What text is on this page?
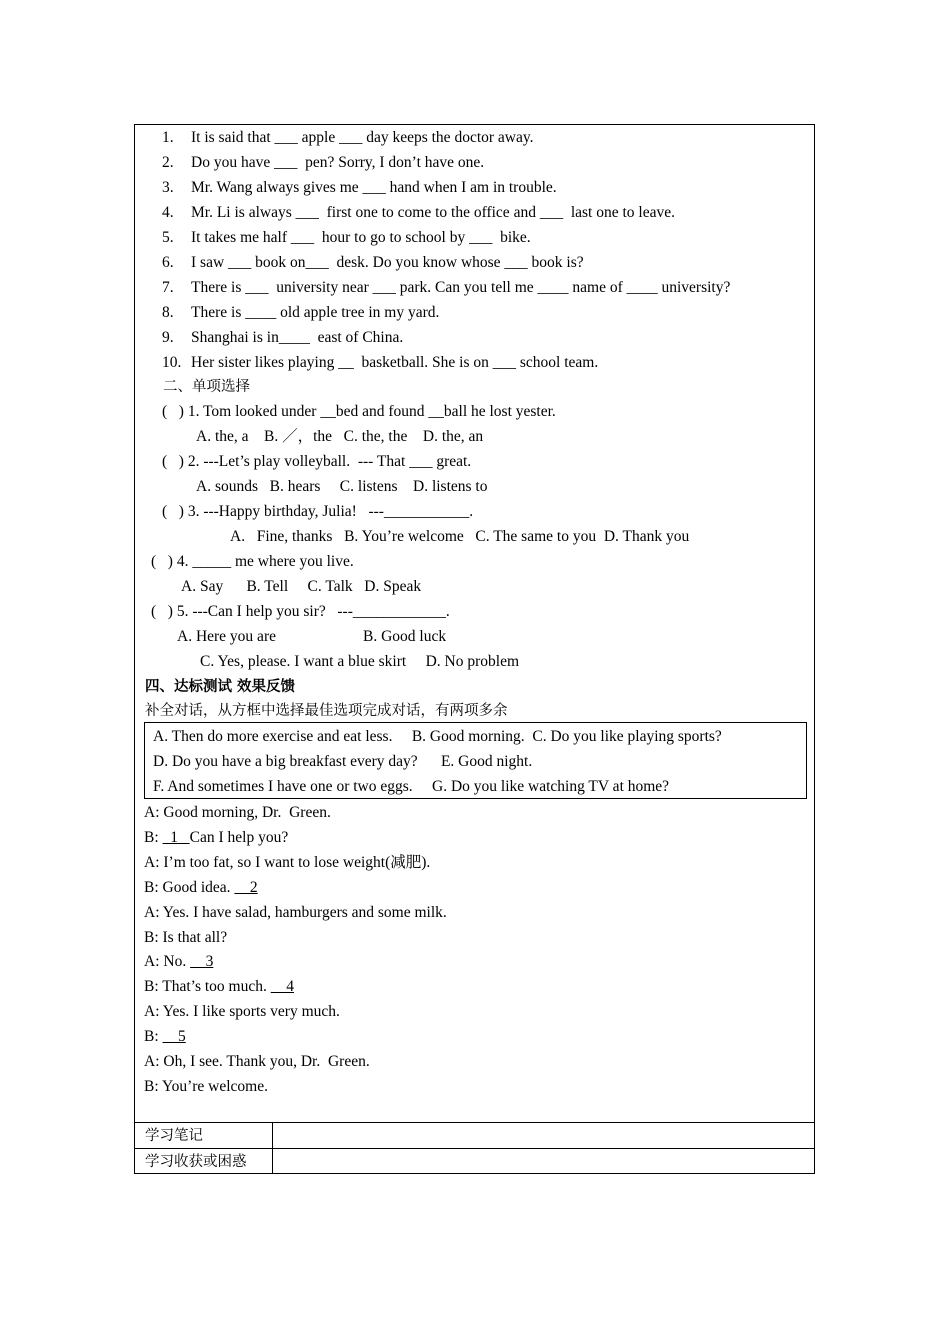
1. It is said that ___ apple ___ day keeps the doctor away.
2. Do you have ___  pen? Sorry, I don’t have one.
3. Mr. Wang always gives me ___ hand when I am in trouble.
4. Mr. Li is always ___  first one to come to the office and ___  last one to leave.
5. It takes me half ___  hour to go to school by ___  bike.
6. I saw ___ book on___  desk. Do you know whose ___ book is?
7. There is ___  university near ___ park. Can you tell me ____ name of ____ university?
8. There is ____ old apple tree in my yard.
9. Shanghai is in____  east of China.
10. Her sister likes playing __  basketball. She is on ___ school team.
二、单项选择
(   ) 1. Tom looked under __bed and found __ball he lost yester.
A. the, a    B. ／，the   C. the, the    D. the, an
(   ) 2. ---Let’s play volleyball.  --- That ___ great.
A. sounds   B. hears     C. listens    D. listens to
(   ) 3. ---Happy birthday, Julia!   ---___________.
A.   Fine, thanks   B. You’re welcome   C. The same to you  D. Thank you
(   ) 4. _____ me where you live.
A. Say      B. Tell     C. Talk   D. Speak
(   ) 5. ---Can I help you sir?   ---____________.
A. Here you are	B. Good luck
C. Yes, please. I want a blue skirt     D. No problem
四、达标测试 效果反馈
补全对话，从方框中选择最佳选项完成对话，有两项多余
A. Then do more exercise and eat less.     B. Good morning.  C. Do you like playing sports?
D. Do you have a big breakfast every day?      E. Good night.
F. And sometimes I have one or two eggs.     G. Do you like watching TV at home?
A: Good morning, Dr.  Green.
B:   1   Can I help you?
A: I’m too fat, so I want to lose weight(减肥).
B: Good idea.     2
A: Yes. I have salad, hamburgers and some milk.
B: Is that all?
A: No.     3
B: That’s too much.     4
A: Yes. I like sports very much.
B:     5
A: Oh, I see. Thank you, Dr.  Green.
B: You’re welcome.
学习笔记
学习收获或困惑
